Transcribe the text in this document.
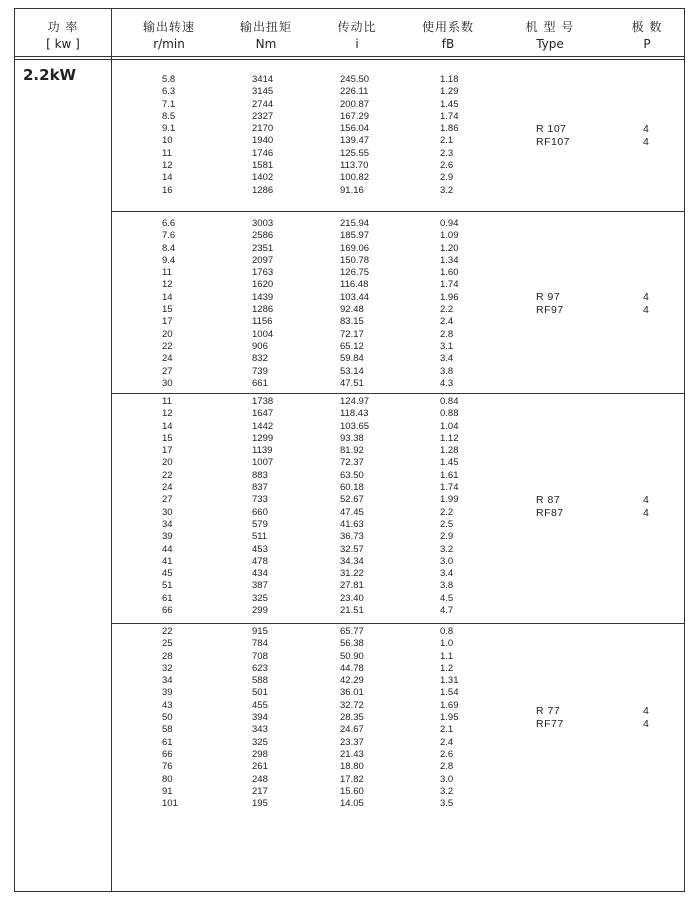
功 率
[ kw ]
输出转速
r/min
输出扭矩
Nm
传动比
i
使用系数
fB
机 型 号
Type
极 数
P
2.2kW	5.8
6.3
7.1
8.5
9.1
10
11
12
14
16
3414
3145
2744
2327
2170
1940
1746
1581
1402
1286
245.50
226.11
200.87
167.29
156.04
139.47
125.55
113.70
100.82
91.16
1.18
1.29
1.45
1.74
1.86
2.1
2.3
2.6
2.9
3.2
R 107
RF107
4
4
6.6
7.6
8.4
9.4
11
12
14
15
17
20
22
24
27
30
3003
2586
2351
2097
1763
1620
1439
1286
1156
1004
906
832
739
661
215.94
185.97
169.06
150.78
126.75
116.48
103.44
92.48
83.15
72.17
65.12
59.84
53.14
47.51
0.94
1.09
1.20
1.34
1.60
1.74
1.96
2.2
2.4
2.8
3.1
3.4
3.8
4.3
R 97
RF97
4
4
11
12
14
15
17
20
22
24
27
30
34
39
44
41
45
51
61
66
1738
1647
1442
1299
1139
1007
883
837
733
660
579
511
453
478
434
387
325
299
124.97
118.43
103.65
93.38
81.92
72.37
63.50
60.18
52.67
47.45
41.63
36.73
32.57
34.34
31.22
27.81
23.40
21.51
0.84
0.88
1.04
1.12
1.28
1.45
1.61
1.74
1.99
2.2
2.5
2.9
3.2
3.0
3.4
3.8
4.5
4.7
R 87
RF87
4
4
22
25
28
32
34
39
43
50
58
61
66
76
80
91
101
915
784
708
623
588
501
455
394
343
325
298
261
248
217
195
65.77
56.38
50.90
44.78
42.29
36.01
32.72
28.35
24.67
23.37
21.43
18.80
17.82
15.60
14.05
0.8
1.0
1.1
1.2
1.31
1.54
1.69
1.95
2.1
2.4
2.6
2.8
3.0
3.2
3.5
R 77
RF77
4
4
